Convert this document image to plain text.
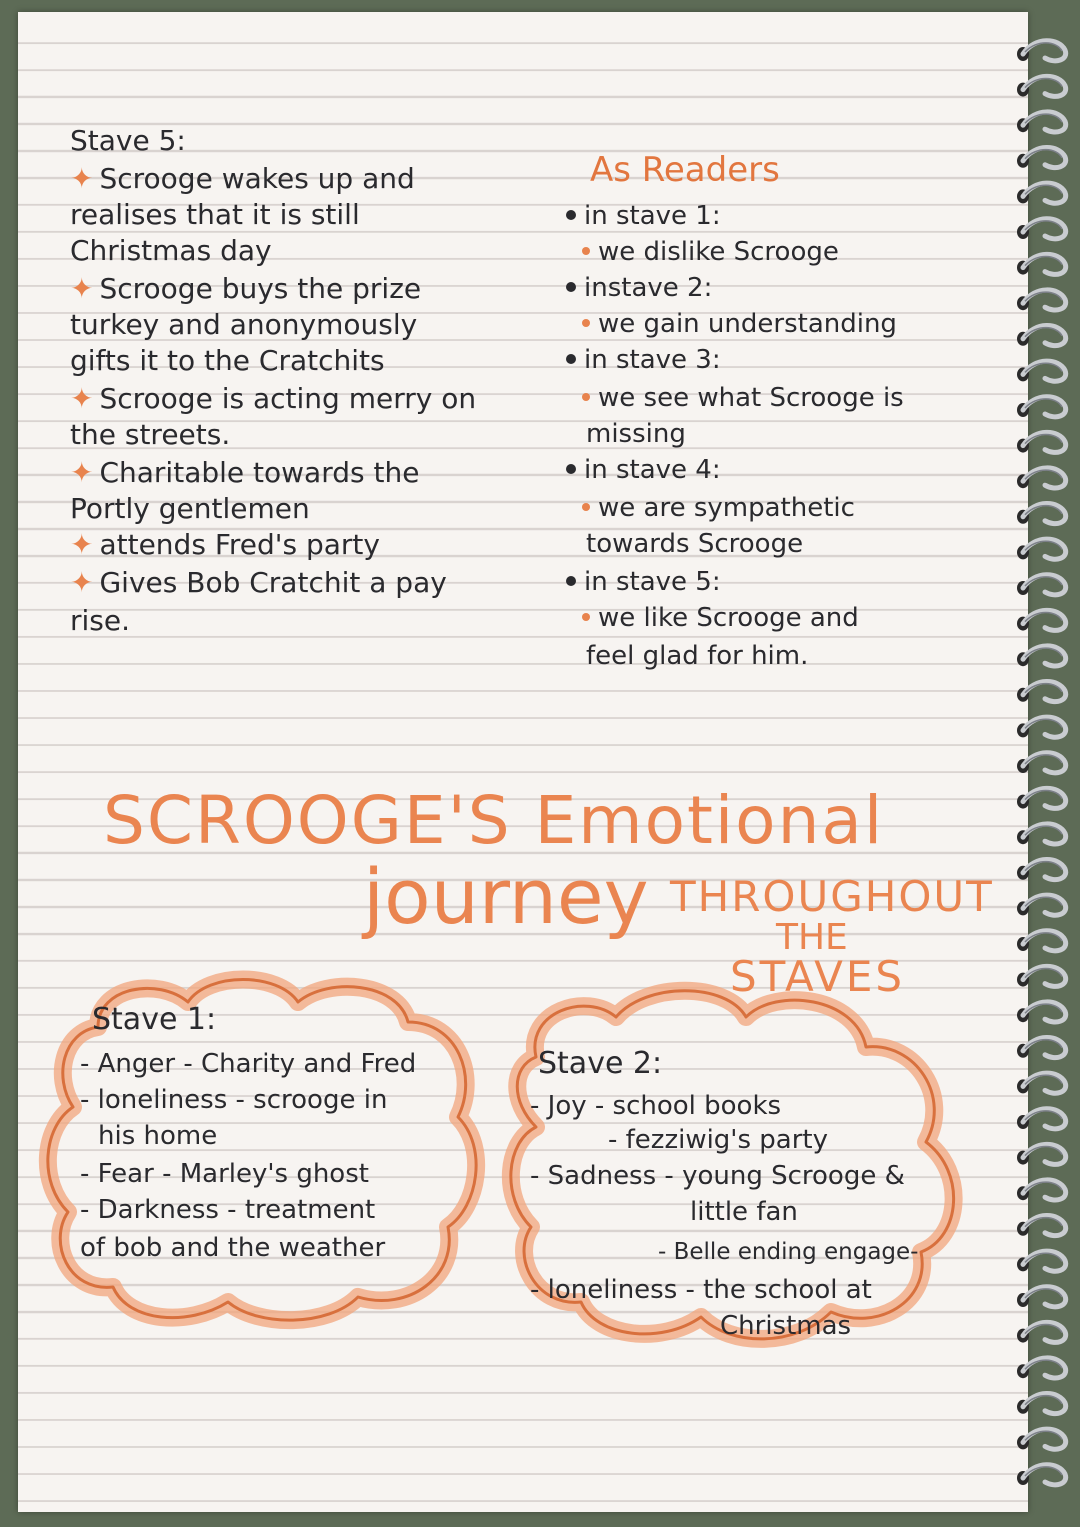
Stave 5:
✦ Scrooge wakes up and
realises that it is still
Christmas day
✦ Scrooge buys the prize
turkey and anonymously
gifts it to the Cratchits
✦ Scrooge is acting merry on
the streets.
✦ Charitable towards the
Portly gentlemen
✦ attends Fred's party
✦ Gives Bob Cratchit a pay
rise.
As Readers
in stave 1:
we dislike Scrooge
instave 2:
we gain understanding
in stave 3:
we see what Scrooge is
missing
in stave 4:
we are sympathetic
towards Scrooge
in stave 5:
we like Scrooge and
feel glad for him.
SCROOGE'S Emotional
journey THROUGHOUT
THE
STAVES
Stave 1:
- Anger - Charity and Fred
- loneliness - scrooge in
his home
- Fear - Marley's ghost
- Darkness - treatment
of bob and the weather
Stave 2:
- Joy - school books
- fezziwig's party
- Sadness - young Scrooge &
little fan
- Belle ending engage-
- loneliness - the school at
Christmas
